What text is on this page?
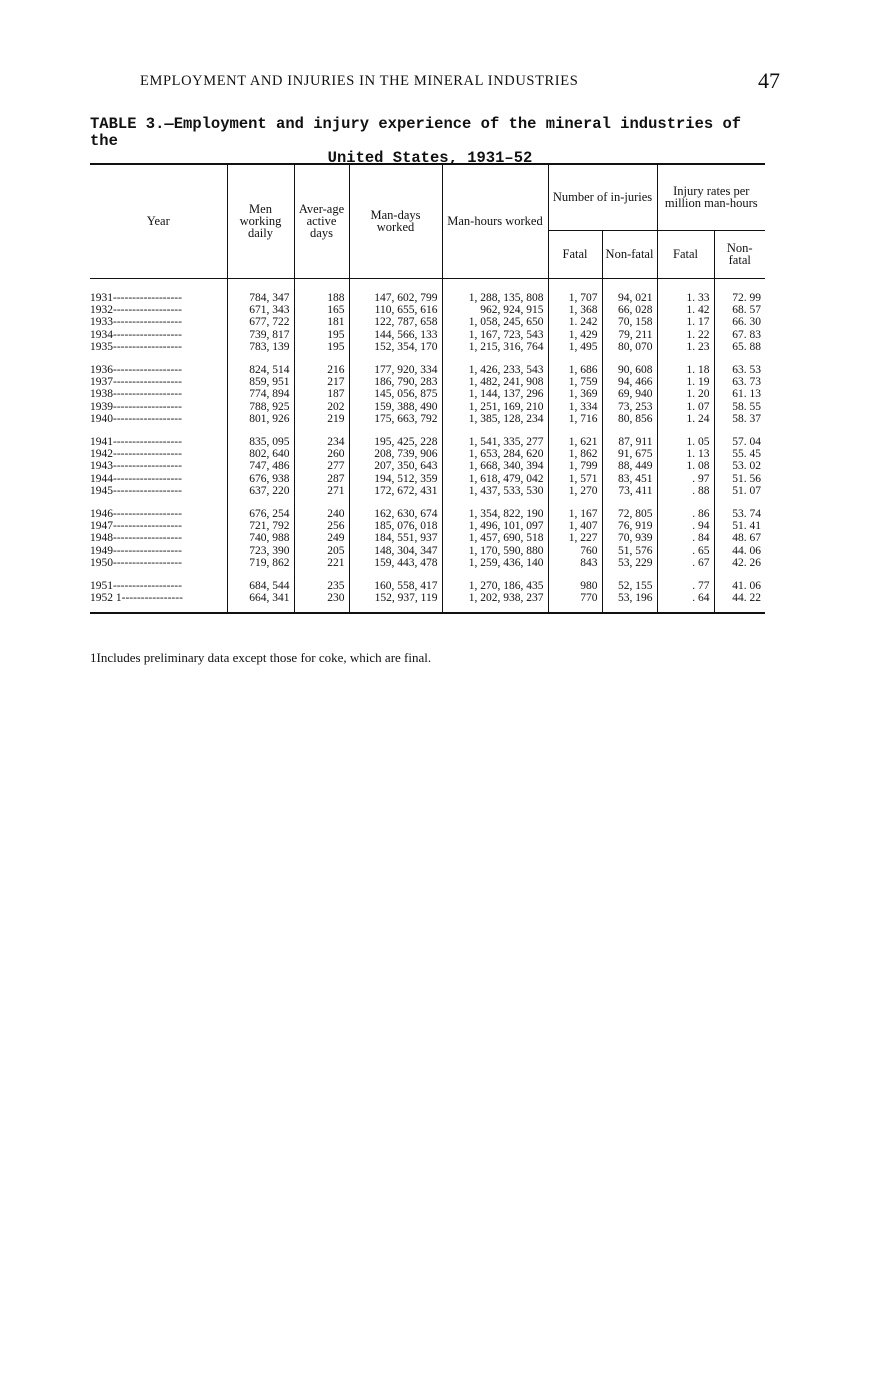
EMPLOYMENT AND INJURIES IN THE MINERAL INDUSTRIES	47
TABLE 3.—Employment and injury experience of the mineral industries of the
United States, 1931–52
Year	Men working daily	Aver-age active days	Man-days worked	Man-hours worked	Number of in-juries		Injury rates per million man-hours	
					Fatal	Non-fatal	Fatal	Non-fatal

1931------------------	784, 347	188	147, 602, 799	1, 288, 135, 808	1, 707	94, 021	1. 33	72. 99
1932------------------	671, 343	165	110, 655, 616	962, 924, 915	1, 368	66, 028	1. 42	68. 57
1933------------------	677, 722	181	122, 787, 658	1, 058, 245, 650	1. 242	70, 158	1. 17	66. 30
1934------------------	739, 817	195	144, 566, 133	1, 167, 723, 543	1, 429	79, 211	1. 22	67. 83
1935------------------	783, 139	195	152, 354, 170	1, 215, 316, 764	1, 495	80, 070	1. 23	65. 88

1936------------------	824, 514	216	177, 920, 334	1, 426, 233, 543	1, 686	90, 608	1. 18	63. 53
1937------------------	859, 951	217	186, 790, 283	1, 482, 241, 908	1, 759	94, 466	1. 19	63. 73
1938------------------	774, 894	187	145, 056, 875	1, 144, 137, 296	1, 369	69, 940	1. 20	61. 13
1939------------------	788, 925	202	159, 388, 490	1, 251, 169, 210	1, 334	73, 253	1. 07	58. 55
1940------------------	801, 926	219	175, 663, 792	1, 385, 128, 234	1, 716	80, 856	1. 24	58. 37

1941------------------	835, 095	234	195, 425, 228	1, 541, 335, 277	1, 621	87, 911	1. 05	57. 04
1942------------------	802, 640	260	208, 739, 906	1, 653, 284, 620	1, 862	91, 675	1. 13	55. 45
1943------------------	747, 486	277	207, 350, 643	1, 668, 340, 394	1, 799	88, 449	1. 08	53. 02
1944------------------	676, 938	287	194, 512, 359	1, 618, 479, 042	1, 571	83, 451	. 97	51. 56
1945------------------	637, 220	271	172, 672, 431	1, 437, 533, 530	1, 270	73, 411	. 88	51. 07

1946------------------	676, 254	240	162, 630, 674	1, 354, 822, 190	1, 167	72, 805	. 86	53. 74
1947------------------	721, 792	256	185, 076, 018	1, 496, 101, 097	1, 407	76, 919	. 94	51. 41
1948------------------	740, 988	249	184, 551, 937	1, 457, 690, 518	1, 227	70, 939	. 84	48. 67
1949------------------	723, 390	205	148, 304, 347	1, 170, 590, 880	760	51, 576	. 65	44. 06
1950------------------	719, 862	221	159, 443, 478	1, 259, 436, 140	843	53, 229	. 67	42. 26

1951------------------	684, 544	235	160, 558, 417	1, 270, 186, 435	980	52, 155	. 77	41. 06
1952 1----------------	664, 341	230	152, 937, 119	1, 202, 938, 237	770	53, 196	. 64	44. 22

1Includes preliminary data except those for coke, which are final.
